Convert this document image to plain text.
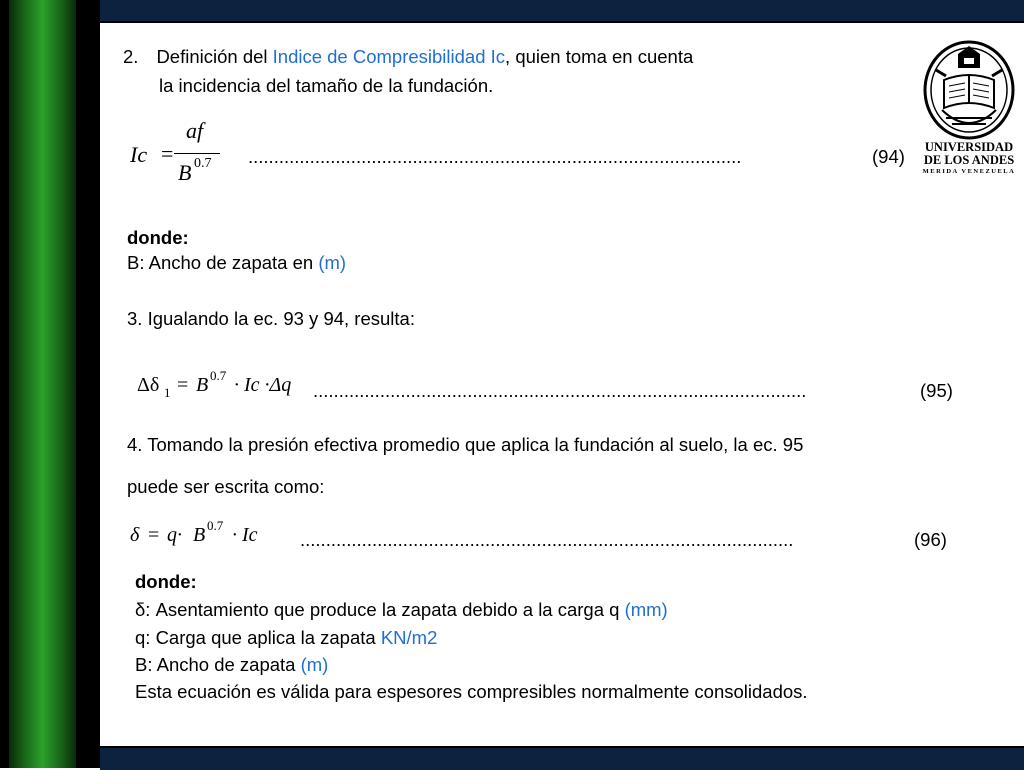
2. Definición del Indice de Compresibilidad Ic, quien toma en cuenta
la incidencia del tamaño de la fundación.
Ic =
af
B 0.7 ................................................................................................	(94) UNIVERSIDAD
DE LOS ANDES
MERIDA VENEZUELA
donde:
B: Ancho de zapata en (m)
3. Igualando la ec. 93 y 94, resulta:
Δδ 1 = B 0.7 · Ic ·Δq ................................................................................................	(95)
4. Tomando la presión efectiva promedio que aplica la fundación al suelo, la ec. 95
puede ser escrita como:
δ = q· B 0.7 · Ic ................................................................................................	(96)
donde:
δ: Asentamiento que produce la zapata debido a la carga q (mm)
q: Carga que aplica la zapata KN/m2
B: Ancho de zapata (m)
Esta ecuación es válida para espesores compresibles normalmente consolidados.
